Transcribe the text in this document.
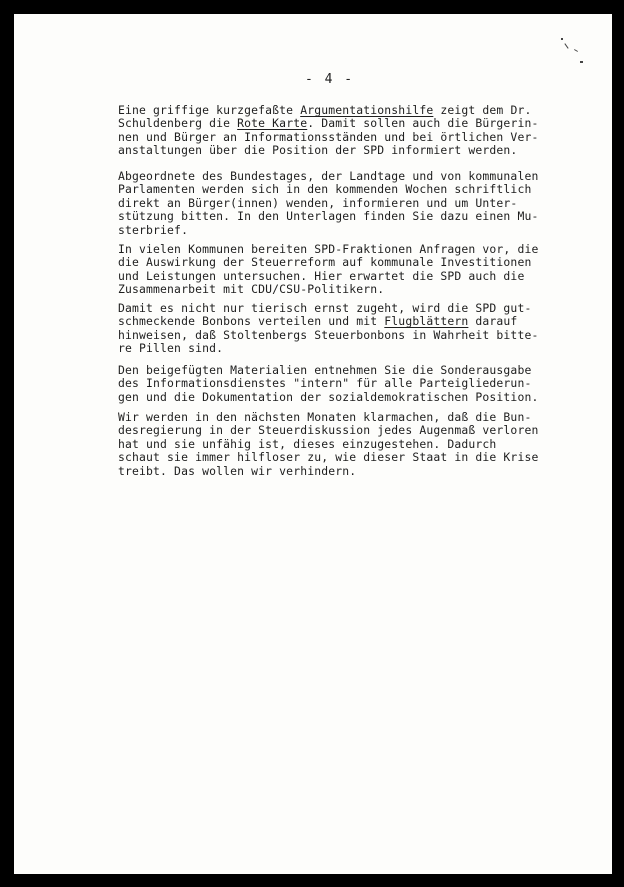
- 4 -
Eine griffige kurzgefaßte Argumentationshilfe zeigt dem Dr.
Schuldenberg die Rote Karte. Damit sollen auch die Bürgerin-
nen und Bürger an Informationsständen und bei örtlichen Ver-
anstaltungen über die Position der SPD informiert werden.
Abgeordnete des Bundestages, der Landtage und von kommunalen
Parlamenten werden sich in den kommenden Wochen schriftlich
direkt an Bürger(innen) wenden, informieren und um Unter-
stützung bitten. In den Unterlagen finden Sie dazu einen Mu-
sterbrief.
In vielen Kommunen bereiten SPD-Fraktionen Anfragen vor, die
die Auswirkung der Steuerreform auf kommunale Investitionen
und Leistungen untersuchen. Hier erwartet die SPD auch die
Zusammenarbeit mit CDU/CSU-Politikern.
Damit es nicht nur tierisch ernst zugeht, wird die SPD gut-
schmeckende Bonbons verteilen und mit Flugblättern darauf
hinweisen, daß Stoltenbergs Steuerbonbons in Wahrheit bitte-
re Pillen sind.
Den beigefügten Materialien entnehmen Sie die Sonderausgabe
des Informationsdienstes "intern" für alle Parteigliederun-
gen und die Dokumentation der sozialdemokratischen Position.
Wir werden in den nächsten Monaten klarmachen, daß die Bun-
desregierung in der Steuerdiskussion jedes Augenmaß verloren
hat und sie unfähig ist, dieses einzugestehen. Dadurch
schaut sie immer hilfloser zu, wie dieser Staat in die Krise
treibt. Das wollen wir verhindern.
